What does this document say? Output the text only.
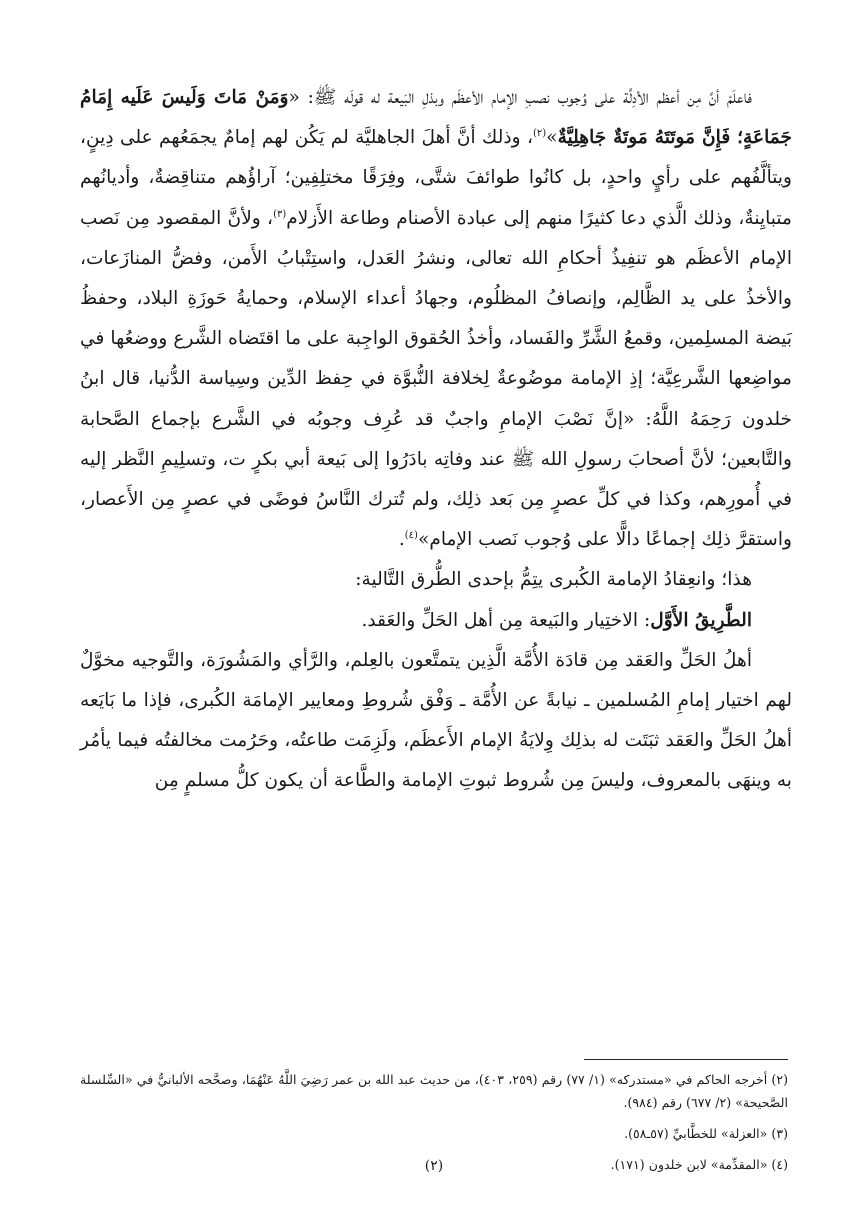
فاعلَمْ أنَّ مِن أعظم الأدِلَّة على وُجوب نصبِ الإمام الأعظَم وبذلِ البَيعة له قولَه ﷺ: «وَمَنْ مَاتَ وَلَيسَ عَلَيه إِمَامُ جَمَاعَةٍ؛ فَإِنَّ مَوتَتَهُ مَوتَةٌ جَاهِلِيَّةٌ»$^{(٢)}$، وذلك أنَّ أهلَ الجاهليَّة لم يَكُن لهم إمامٌ يجمَعُهم على دِينٍ، ويتألَّفُهم على رأيٍ واحدٍ، بل كانُوا طوائفَ شتَّى، وفِرَقًا مختلِفِين؛ آراؤُهم متناقِضةٌ، وأديانُهم متبايِنةٌ، وذلك الَّذي دعا كثيرًا منهم إلى عبادة الأصنام وطاعة الأَزلام$^{(٣)}$، ولأنَّ المقصود مِن نَصب الإمام الأعظَم هو تنفِيذُ أحكامِ الله تعالى، ونشرُ العَدل، واستِتْبابُ الأَمن، وفضُّ المنازَعات، والأخذُ على يد الظَّالِم، وإنصافُ المظلُوم، وجهادُ أعداء الإسلام، وحمايةُ حَوزَةِ البلاد، وحفظُ بَيضة المسلِمين، وقمعُ الشَّرِّ والفَساد، وأخذُ الحُقوق الواجِبة على ما اقتَضاه الشَّرع ووضعُها في مواضِعها الشَّرعِيَّة؛ إذِ الإمامة موضُوعةٌ لِخلافة النُّبوَّة في حِفظ الدِّين وسِياسة الدُّنيا، قال ابنُ خلدون رَحِمَهُ اللَّهُ: «إنَّ نَصْبَ الإمامِ واجبٌ قد عُرِف وجوبُه في الشَّرع بإجماع الصَّحابة والتَّابعين؛ لأنَّ أصحابَ رسولِ الله ﷺ عند وفاتِه بادَرُوا إلى بَيعة أبي بكرٍ ت، وتسلِيمِ النَّظر إليه في أُمورِهم، وكذا في كلِّ عصرٍ مِن بَعد ذلِك، ولم تُترك النَّاسُ فوضًى في عصرٍ مِن الأَعصار، واستقرَّ ذلِك إجماعًا دالًّا على وُجوب نَصب الإمام»$^{(٤)}$.

هذا؛ وانعِقادُ الإمامة الكُبرى يتِمُّ بإحدى الطُّرق التَّالية:

الطَّرِيقُ الأَوَّل: الاختِيار والبَيعة مِن أهل الحَلِّ والعَقد.

أهلُ الحَلِّ والعَقد مِن قادَة الأُمَّة الَّذِين يتمتَّعون بالعِلم، والرَّأي والمَشُورَة، والتَّوجيه مخوَّلٌ لهم اختيار إمامِ المُسلمين ـ نيابةً عن الأُمَّة ـ وَفْق شُروطِ ومعايير الإمامَة الكُبرى، فإذا ما بَايَعه أهلُ الحَلِّ والعَقد ثبَتَت له بذلِك وِلايَةُ الإمام الأَعظَم، ولَزِمَت طاعتُه، وحَرُمت مخالفتُه فيما يأمُر به وينهَى بالمعروف، وليسَ مِن شُروط ثبوتِ الإمامة والطَّاعة أن يكون كلُّ مسلمٍ مِن

(٢) أخرجه الحاكم في «مستدركه» (١/ ٧٧) رقم (٢٥٩، ٤٠٣)، من حديث عبد الله بن عمر رَضِيَ اللَّهُ عَنْهُمَا، وصحَّحه الألبانيُّ في «السِّلسلة الصَّحيحة» (٢/ ٦٧٧) رقم (٩٨٤).

(٣) «العزلة» للخطَّابيِّ (٥٧ـ٥٨).

(٤) «المقدِّمة» لابن خلدون (١٧١).

(٢)
